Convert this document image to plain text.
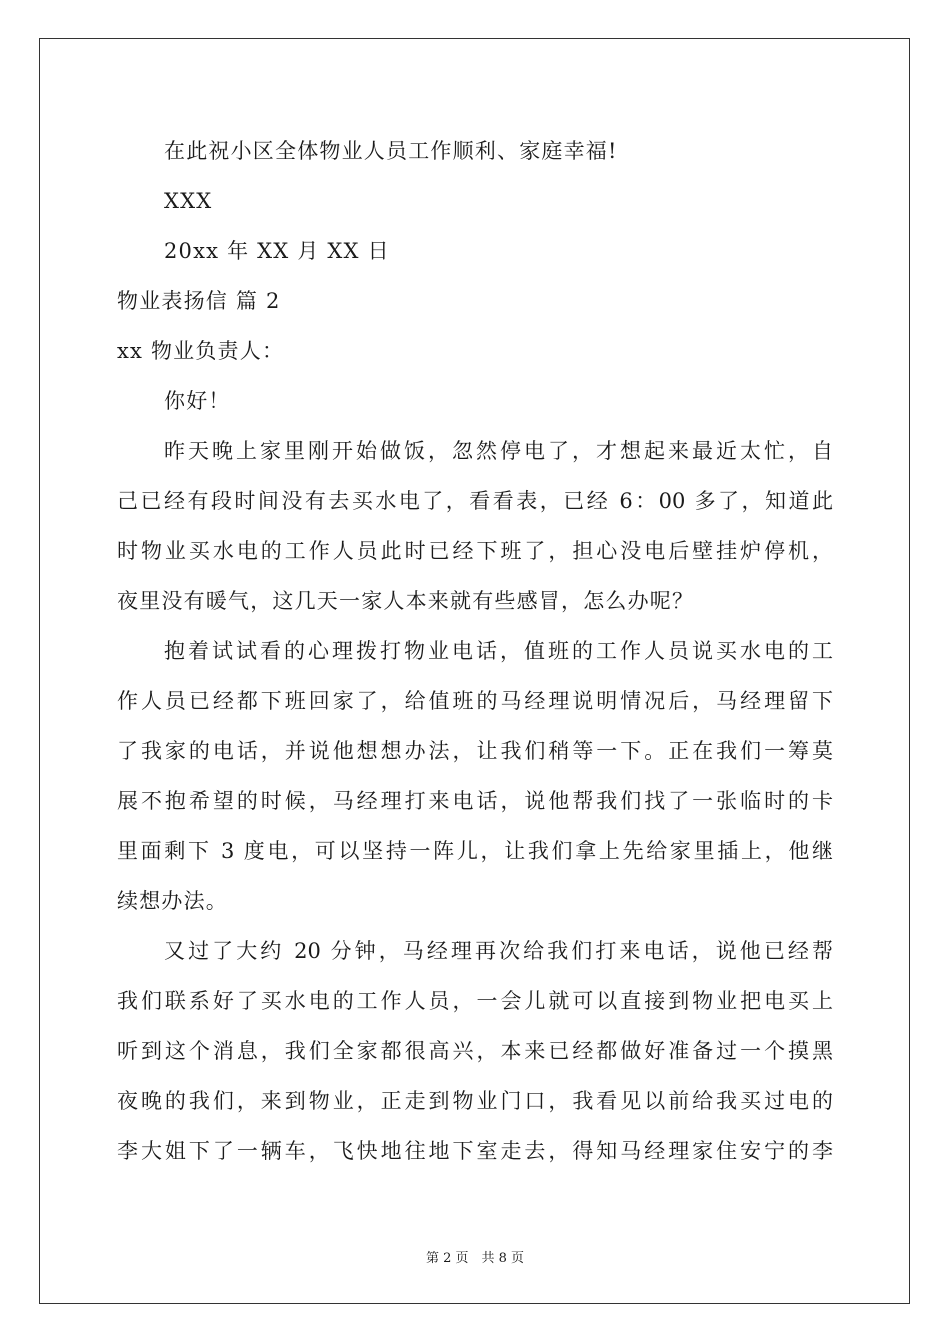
在此祝小区全体物业人员工作顺利、家庭幸福!
XXX
20xx 年 XX 月 XX 日
物业表扬信 篇 2
xx 物业负责人：
你好！
昨天晚上家里刚开始做饭，忽然停电了，才想起来最近太忙，自
己已经有段时间没有去买水电了，看看表，已经 6：00 多了，知道此
时物业买水电的工作人员此时已经下班了，担心没电后壁挂炉停机，
夜里没有暖气，这几天一家人本来就有些感冒，怎么办呢？
抱着试试看的心理拨打物业电话，值班的工作人员说买水电的工
作人员已经都下班回家了，给值班的马经理说明情况后，马经理留下
了我家的电话，并说他想想办法，让我们稍等一下。正在我们一筹莫
展不抱希望的时候，马经理打来电话，说他帮我们找了一张临时的卡
里面剩下 3 度电，可以坚持一阵儿，让我们拿上先给家里插上，他继
续想办法。
又过了大约 20 分钟，马经理再次给我们打来电话，说他已经帮
我们联系好了买水电的工作人员，一会儿就可以直接到物业把电买上
听到这个消息，我们全家都很高兴，本来已经都做好准备过一个摸黑
夜晚的我们，来到物业，正走到物业门口，我看见以前给我买过电的
李大姐下了一辆车，飞快地往地下室走去，得知马经理家住安宁的李
第 2 页　共 8 页
